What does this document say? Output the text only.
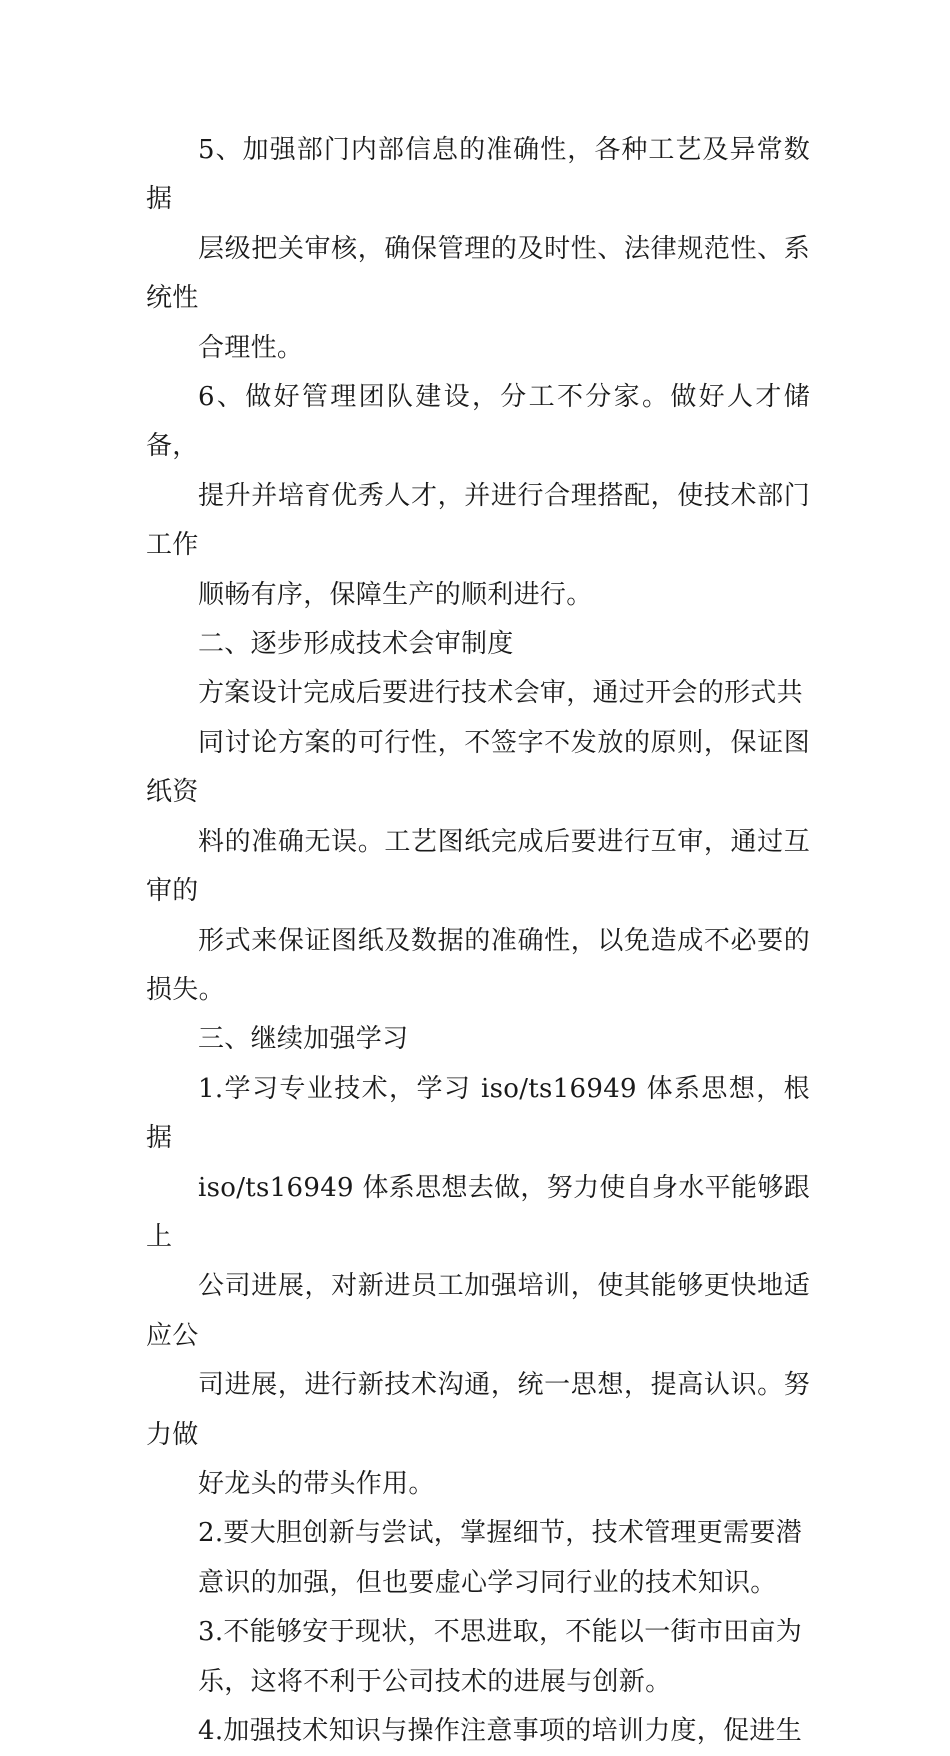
5、加强部门内部信息的准确性，各种工艺及异常数据
层级把关审核，确保管理的及时性、法律规范性、系统性
合理性。

6、做好管理团队建设，分工不分家。做好人才储备，
提升并培育优秀人才，并进行合理搭配，使技术部门工作
顺畅有序，保障生产的顺利进行。

二、逐步形成技术会审制度

方案设计完成后要进行技术会审，通过开会的形式共
同讨论方案的可行性，不签字不发放的原则，保证图纸资
料的准确无误。工艺图纸完成后要进行互审，通过互审的
形式来保证图纸及数据的准确性，以免造成不必要的损失。

三、继续加强学习

1.学习专业技术，学习 iso/ts16949 体系思想，根据

iso/ts16949 体系思想去做，努力使自身水平能够跟上
公司进展，对新进员工加强培训，使其能够更快地适应公
司进展，进行新技术沟通，统一思想，提高认识。努力做
好龙头的带头作用。

2.要大胆创新与尝试，掌握细节，技术管理更需要潜
意识的加强，但也要虚心学习同行业的技术知识。

3.不能够安于现状，不思进取，不能以一街市田亩为
乐，这将不利于公司技术的进展与创新。

4.加强技术知识与操作注意事项的培训力度，促进生
